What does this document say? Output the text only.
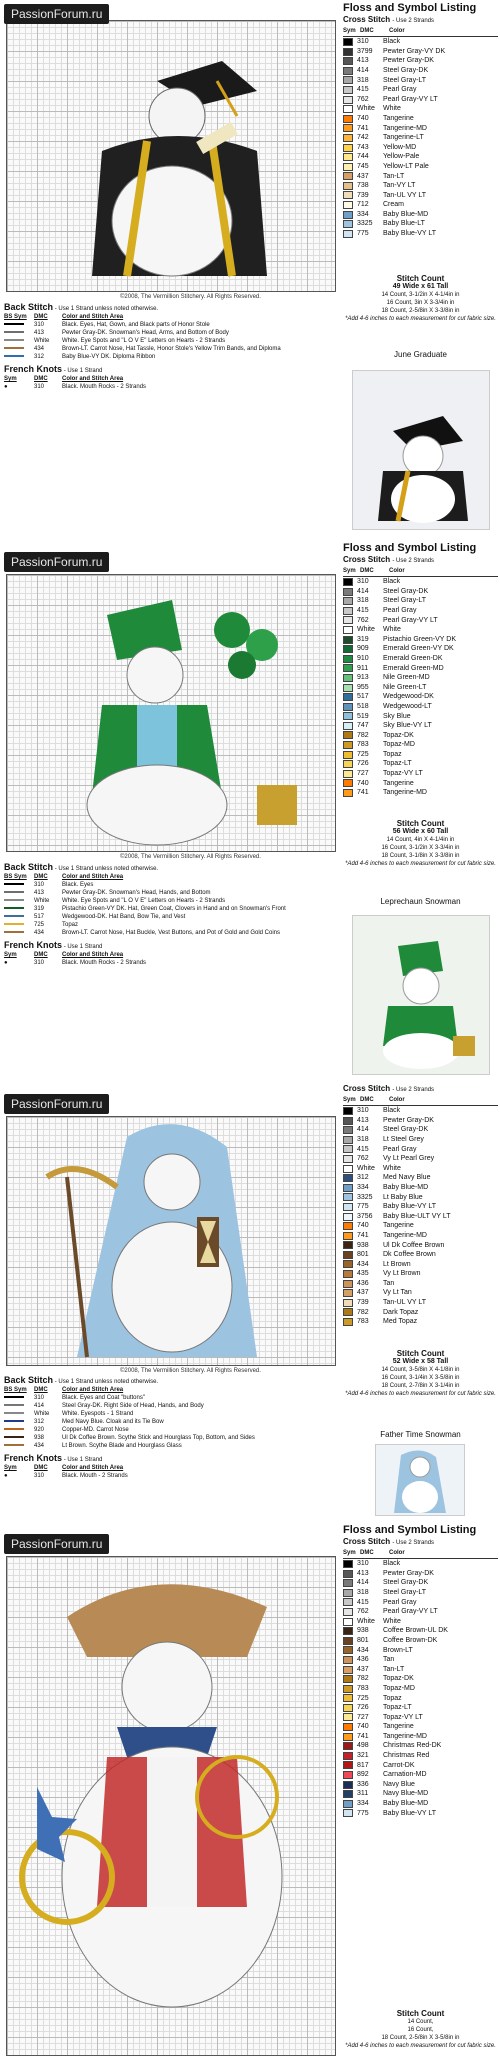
PassionForum.ru
©2008, The Vermillion Stitchery. All Rights Reserved.
Back Stitch - Use 1 Strand unless noted otherwise.
BS Sym	DMC	Color and Stitch Area
310	Black. Eyes, Hat, Gown, and Black parts of Honor Stole
413	Pewter Gray-DK. Snowman's Head, Arms, and Bottom of Body
White	White. Eye Spots and "L O V E" Letters on Hearts - 2 Strands
434	Brown-LT. Carrot Nose, Hat Tassle, Honor Stole's Yellow Trim Bands, and Diploma
312	Baby Blue-VY DK. Diploma Ribbon
French Knots - Use 1 Strand
Sym	DMC	Color and Stitch Area
●	310	Black. Mouth Rocks - 2 Strands
Floss and Symbol Listing
Cross Stitch - Use 2 Strands
Sym DMC	Color
310	Black
3799	Pewter Gray-VY DK
413	Pewter Gray-DK
414	Steel Gray-DK
318	Steel Gray-LT
415	Pearl Gray
762	Pearl Gray-VY LT
White	White
740	Tangerine
741	Tangerine-MD
742	Tangerine-LT
743	Yellow-MD
744	Yellow-Pale
745	Yellow-LT Pale
437	Tan-LT
738	Tan-VY LT
739	Tan-UL VY LT
712	Cream
334	Baby Blue-MD
3325	Baby Blue-LT
775	Baby Blue-VY LT
Stitch Count
49 Wide x 61 Tall
14 Count, 3-1/2in X 4-1/4in in
16 Count, 3in X 3-3/4in in
18 Count, 2-5/8in X 3-3/8in in
*Add 4-6 inches to each measurement for cut fabric size.
June Graduate
PassionForum.ru
©2008, The Vermillion Stitchery. All Rights Reserved.
Back Stitch - Use 1 Strand unless noted otherwise.
BS Sym	DMC	Color and Stitch Area
310	Black. Eyes
413	Pewter Gray-DK. Snowman's Head, Hands, and Bottom
White	White. Eye Spots and "L O V E" Letters on Hearts - 2 Strands
319	Pistachio Green-VY DK. Hat, Green Coat, Clovers in Hand and on Snowman's Front
517	Wedgewood-DK. Hat Band, Bow Tie, and Vest
725	Topaz
434	Brown-LT. Carrot Nose, Hat Buckle, Vest Buttons, and Pot of Gold and Gold Coins
French Knots - Use 1 Strand
Sym	DMC	Color and Stitch Area
●	310	Black. Mouth Rocks - 2 Strands
Floss and Symbol Listing
Cross Stitch - Use 2 Strands
Sym DMC	Color
310	Black
414	Steel Gray-DK
318	Steel Gray-LT
415	Pearl Gray
762	Pearl Gray-VY LT
White	White
319	Pistachio Green-VY DK
909	Emerald Green-VY DK
910	Emerald Green-DK
911	Emerald Green-MD
913	Nile Green-MD
955	Nile Green-LT
517	Wedgewood-DK
518	Wedgewood-LT
519	Sky Blue
747	Sky Blue-VY LT
782	Topaz-DK
783	Topaz-MD
725	Topaz
726	Topaz-LT
727	Topaz-VY LT
740	Tangerine
741	Tangerine-MD
Stitch Count
56 Wide x 60 Tall
14 Count, 4in X 4-1/4in in
16 Count, 3-1/2in X 3-3/4in in
18 Count, 3-1/8in X 3-3/8in in
*Add 4-6 inches to each measurement for cut fabric size.
Leprechaun Snowman
PassionForum.ru
©2008, The Vermillion Stitchery. All Rights Reserved.
Back Stitch - Use 1 Strand unless noted otherwise.
BS Sym	DMC	Color and Stitch Area
310	Black. Eyes and Coat "buttons"
414	Steel Gray-DK. Right Side of Head, Hands, and Body
White	White. Eyespots - 1 Strand
312	Med Navy Blue. Cloak and its Tie Bow
920	Copper-MD. Carrot Nose
938	Ul Dk Coffee Brown. Scythe Stick and Hourglass Top, Bottom, and Sides
434	Lt Brown. Scythe Blade and Hourglass Glass
French Knots - Use 1 Strand
Sym	DMC	Color and Stitch Area
●	310	Black. Mouth - 2 Strands
Cross Stitch - Use 2 Strands
Sym DMC	Color
310	Black
413	Pewter Gray-DK
414	Steel Gray-DK
318	Lt Steel Grey
415	Pearl Gray
762	Vy Lt Pearl Grey
White	White
312	Med Navy Blue
334	Baby Blue-MD
3325	Lt Baby Blue
775	Baby Blue-VY LT
3756	Baby Blue-ULT VY LT
740	Tangerine
741	Tangerine-MD
938	Ul Dk Coffee Brown
801	Dk Coffee Brown
434	Lt Brown
435	Vy Lt Brown
436	Tan
437	Vy Lt Tan
739	Tan-UL VY LT
782	Dark Topaz
783	Med Topaz
Stitch Count
52 Wide x 58 Tall
14 Count, 3-5/8in X 4-1/8in in
16 Count, 3-1/4in X 3-5/8in in
18 Count, 2-7/8in X 3-1/4in in
*Add 4-6 inches to each measurement for cut fabric size.
Father Time Snowman
PassionForum.ru
Floss and Symbol Listing
Cross Stitch - Use 2 Strands
Sym DMC	Color
310	Black
413	Pewter Gray-DK
414	Steel Gray-DK
318	Steel Gray-LT
415	Pearl Gray
762	Pearl Gray-VY LT
White	White
938	Coffee Brown-UL DK
801	Coffee Brown-DK
434	Brown-LT
436	Tan
437	Tan-LT
782	Topaz-DK
783	Topaz-MD
725	Topaz
726	Topaz-LT
727	Topaz-VY LT
740	Tangerine
741	Tangerine-MD
498	Christmas Red-DK
321	Christmas Red
817	Carrot-DK
892	Carnation-MD
336	Navy Blue
311	Navy Blue-MD
334	Baby Blue-MD
775	Baby Blue-VY LT
Stitch Count
14 Count,
16 Count,
18 Count, 2-5/8in X 3-5/8in in
*Add 4-6 inches to each measurement for cut fabric size.
